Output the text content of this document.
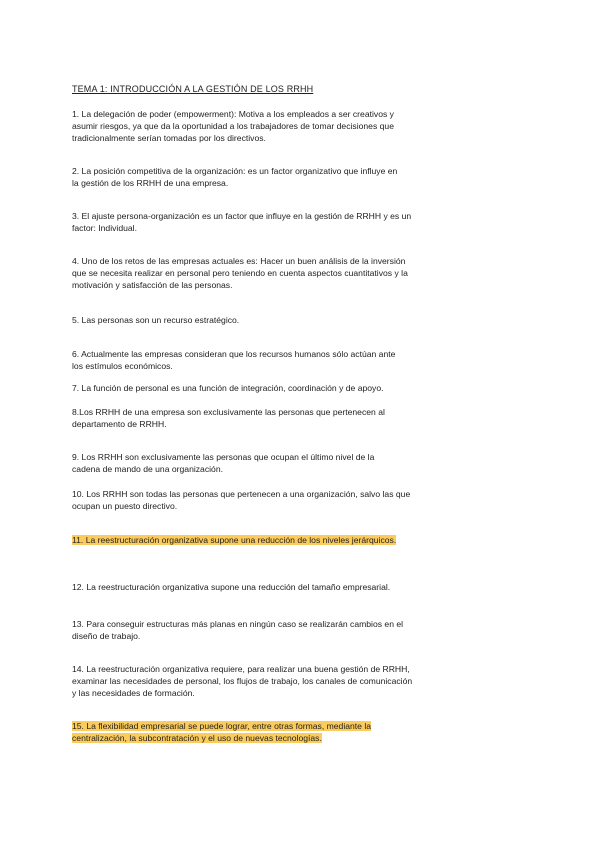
TEMA 1: INTRODUCCIÓN A LA GESTIÓN DE LOS RRHH
1. La delegación de poder (empowerment): Motiva a los empleados a ser creativos y
asumir riesgos, ya que da la oportunidad a los trabajadores de tomar decisiones que
tradicionalmente serían tomadas por los directivos.
2. La posición competitiva de la organización: es un factor organizativo que influye en
la gestión de los RRHH de una empresa.
3. El ajuste persona-organización es un factor que influye en la gestión de RRHH y es un
factor: Individual.
4. Uno de los retos de las empresas actuales es: Hacer un buen análisis de la inversión
que se necesita realizar en personal pero teniendo en cuenta aspectos cuantitativos y la
motivación y satisfacción de las personas.
5. Las personas son un recurso estratégico.
6. Actualmente las empresas consideran que los recursos humanos sólo actúan ante
los estímulos económicos.
7. La función de personal es una función de integración, coordinación y de apoyo.
8.Los RRHH de una empresa son exclusivamente las personas que pertenecen al
departamento de RRHH.
9. Los RRHH son exclusivamente las personas que ocupan el último nivel de la
cadena de mando de una organización.
10. Los RRHH son todas las personas que pertenecen a una organización, salvo las que
ocupan un puesto directivo.
11. La reestructuración organizativa supone una reducción de los niveles jerárquicos.
12. La reestructuración organizativa supone una reducción del tamaño empresarial.
13. Para conseguir estructuras más planas en ningún caso se realizarán cambios en el
diseño de trabajo.
14. La reestructuración organizativa requiere, para realizar una buena gestión de RRHH,
examinar las necesidades de personal, los flujos de trabajo, los canales de comunicación
y las necesidades de formación.
15. La flexibilidad empresarial se puede lograr, entre otras formas, mediante la
centralización, la subcontratación y el uso de nuevas tecnologías.
